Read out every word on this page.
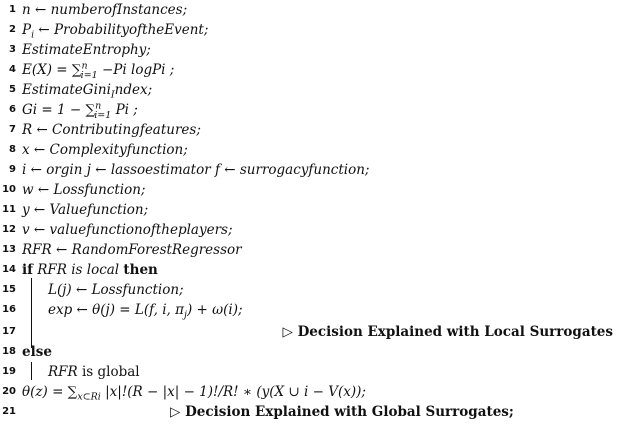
1 n ← numberofInstances;
2 $P_i$ ← ProbabilityoftheEvent;
3 EstimateEntrophy;
4 E(X) = ∑$^n_{i=1}$ −Pi logPi ;
5 EstimateGini$_I$ndex;
6 Gi = 1 − ∑$^n_{i=1}$ Pi ;
7 R ← Contributingfeatures;
8 x ← Complexityfunction;
9 i ← orgin j ← lassoestimator f ← surrogacyfunction;
10 w ← Lossfunction;
11 y ← Valuefunction;
12 v ← valuefunctionoftheplayers;
13 RFR ← RandomForestRegressor
14 if RFR is local then
15 L(j) ← Lossfunction;
16 exp ← θ(j) = L(f, i, $\pi_j) + \omega(i)$;
17	▷ Decision Explained with Local Surrogates
18 else
19 RFR is global
20 $\theta(z) = \sum_{x\subset Ri}$ |x|!(R − |x| − 1)!/R! ∗ (y(X ∪ i − V(x));
21	▷ Decision Explained with Global Surrogates;
